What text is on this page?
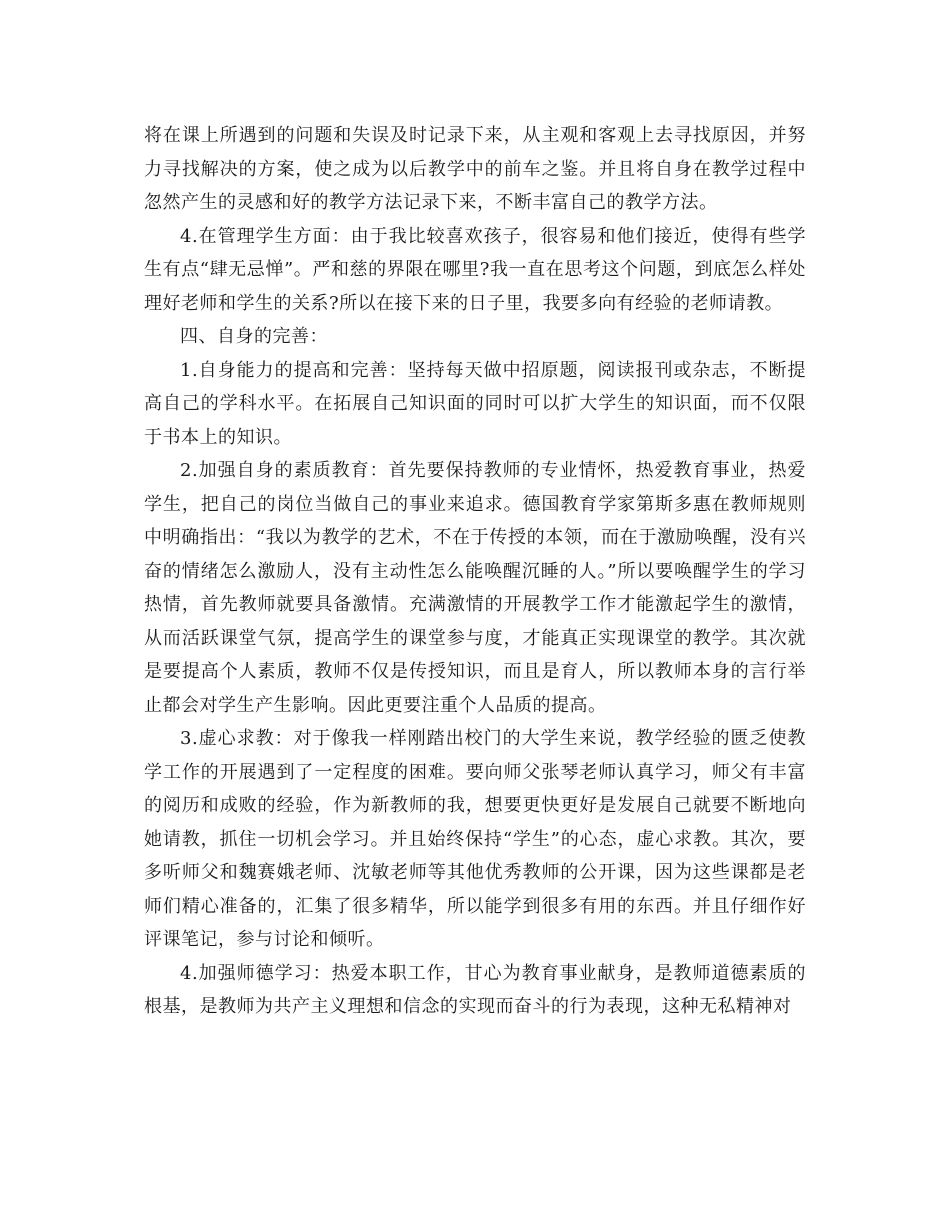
将在课上所遇到的问题和失误及时记录下来，从主观和客观上去寻找原因，并努力寻找解决的方案，使之成为以后教学中的前车之鉴。并且将自身在教学过程中忽然产生的灵感和好的教学方法记录下来，不断丰富自己的教学方法。

4.在管理学生方面：由于我比较喜欢孩子，很容易和他们接近，使得有些学生有点“肆无忌惮”。严和慈的界限在哪里?我一直在思考这个问题，到底怎么样处理好老师和学生的关系?所以在接下来的日子里，我要多向有经验的老师请教。

四、自身的完善：

1.自身能力的提高和完善：坚持每天做中招原题，阅读报刊或杂志，不断提高自己的学科水平。在拓展自己知识面的同时可以扩大学生的知识面，而不仅限于书本上的知识。

2.加强自身的素质教育：首先要保持教师的专业情怀，热爱教育事业，热爱学生，把自己的岗位当做自己的事业来追求。德国教育学家第斯多惠在教师规则中明确指出：“我以为教学的艺术，不在于传授的本领，而在于激励唤醒，没有兴奋的情绪怎么激励人，没有主动性怎么能唤醒沉睡的人。”所以要唤醒学生的学习热情，首先教师就要具备激情。充满激情的开展教学工作才能激起学生的激情，从而活跃课堂气氛，提高学生的课堂参与度，才能真正实现课堂的教学。其次就是要提高个人素质，教师不仅是传授知识，而且是育人，所以教师本身的言行举止都会对学生产生影响。因此更要注重个人品质的提高。

3.虚心求教：对于像我一样刚踏出校门的大学生来说，教学经验的匮乏使教学工作的开展遇到了一定程度的困难。要向师父张琴老师认真学习，师父有丰富的阅历和成败的经验，作为新教师的我，想要更快更好是发展自己就要不断地向她请教，抓住一切机会学习。并且始终保持“学生”的心态，虚心求教。其次，要多听师父和魏赛娥老师、沈敏老师等其他优秀教师的公开课，因为这些课都是老师们精心准备的，汇集了很多精华，所以能学到很多有用的东西。并且仔细作好评课笔记，参与讨论和倾听。

4.加强师德学习：热爱本职工作，甘心为教育事业献身，是教师道德素质的根基，是教师为共产主义理想和信念的实现而奋斗的行为表现，这种无私精神对
